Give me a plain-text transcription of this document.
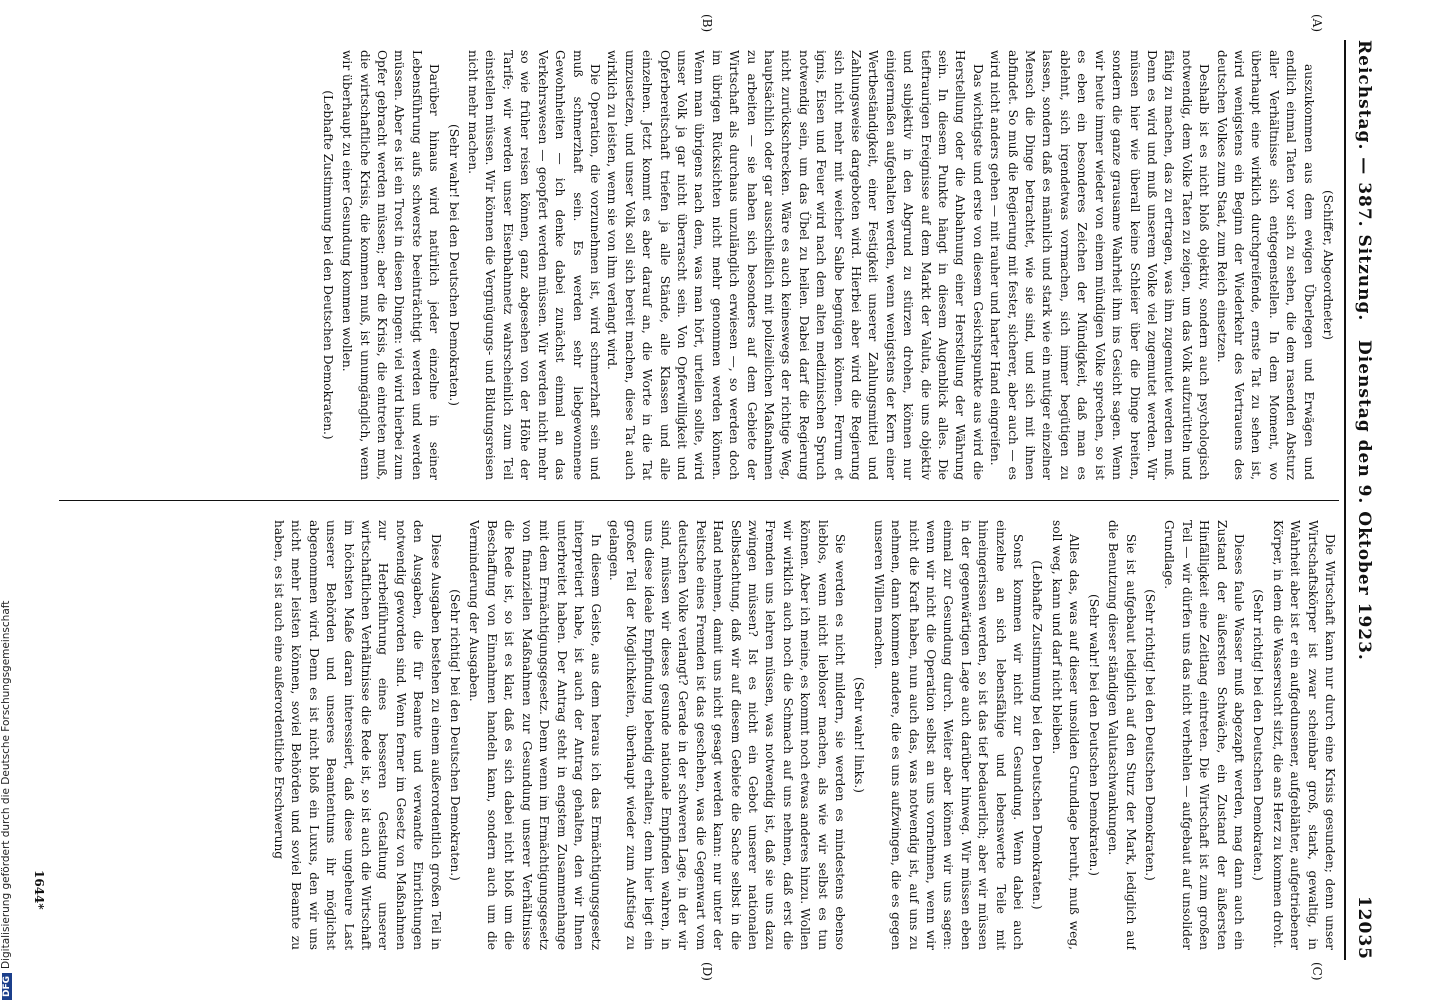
Reichstag. — 387. Sitzung.
Dienstag den 9. Oktober 1923.
12035
(A)
(B)
(C)
(D)

(Schiffer, Abgeordneter)

auszukommen aus dem ewigen Überlegen und Erwägen und endlich einmal Taten vor sich zu sehen, die dem rasenden Absturz aller Verhältnisse sich entgegenstellen. In dem Moment, wo überhaupt eine wirklich durchgreifende, ernste Tat zu sehen ist, wird wenigstens ein Beginn der Wiederkehr des Vertrauens des deutschen Volkes zum Staat, zum Reich einsetzen.

Deshalb ist es nicht bloß objektiv, sondern auch psychologisch notwendig, dem Volke Taten zu zeigen, um das Volk aufzurütteln und fähig zu machen, das zu ertragen, was ihm zugemutet werden muß. Denn es wird und muß unserem Volke viel zugemutet werden. Wir müssen hier wie überall keine Schleier über die Dinge breiten, sondern die ganze grausame Wahrheit ihm ins Gesicht sagen. Wenn wir heute immer wieder von einem mündigen Volke sprechen, so ist es eben ein besonderes Zeichen der Mündigkeit, daß man es ablehnt, sich irgendetwas vormachen, sich immer begütigen zu lassen, sondern daß es männlich und stark wie ein mutiger einzelner Mensch die Dinge betrachtet, wie sie sind, und sich mit ihnen abfindet. So muß die Regierung mit fester, sicherer, aber auch — es wird nicht anders gehen — mit rauher und harter Hand eingreifen.

Das wichtigste und erste von diesem Gesichtspunkte aus wird die Herstellung oder die Anbahnung einer Herstellung der Währung sein. In diesem Punkte hängt in diesem Augenblick alles. Die tieftraurigen Ereignisse auf dem Markt der Valuta, die uns objektiv und subjektiv in den Abgrund zu stürzen drohen, können nur einigermaßen aufgehalten werden, wenn wenigstens der Kern einer Wertbeständigkeit, einer Festigkeit unserer Zahlungsmittel und Zahlungsweise dargeboten wird. Hierbei aber wird die Regierung sich nicht mehr mit weicher Salbe begnügen können. Ferrum et ignis, Eisen und Feuer wird nach dem alten medizinischen Spruch notwendig sein, um das Übel zu heilen. Dabei darf die Regierung nicht zurückschrecken. Wäre es auch keineswegs der richtige Weg, hauptsächlich oder gar ausschließlich mit polizeilichen Maßnahmen zu arbeiten — sie haben sich besonders auf dem Gebiete der Wirtschaft als durchaus unzulänglich erwiesen —, so werden doch im übrigen Rücksichten nicht mehr genommen werden können. Wenn man übrigens nach dem, was man hört, urteilen sollte, wird unser Volk ja gar nicht überrascht sein. Von Opferwilligkeit und Opferbereitschaft triefen ja alle Stände, alle Klassen und alle einzelnen. Jetzt kommt es aber darauf an, die Worte in die Tat umzusetzen, und unser Volk soll sich bereit machen, diese Tat auch wirklich zu leisten, wenn sie von ihm verlangt wird.

Die Operation, die vorzunehmen ist, wird schmerzhaft sein und muß schmerzhaft sein. Es werden sehr liebgewonnene Gewohnheiten — ich denke dabei zunächst einmal an das Verkehrswesen — geopfert werden müssen. Wir werden nicht mehr so wie früher reisen können, ganz abgesehen von der Höhe der Tarife; wir werden unser Eisenbahnnetz wahrscheinlich zum Teil einstellen müssen. Wir können die Vergnügungs- und Bildungsreisen nicht mehr machen.

(Sehr wahr! bei den Deutschen Demokraten.)

Darüber hinaus wird natürlich jeder einzelne in seiner Lebensführung aufs schwerste beeinträchtigt werden und werden müssen. Aber es ist ein Trost in diesen Dingen: viel wird hierbei zum Opfer gebracht werden müssen; aber die Krisis, die eintreten muß, die wirtschaftliche Krisis, die kommen muß, ist unumgänglich, wenn wir überhaupt zu einer Gesundung kommen wollen.

(Lebhafte Zustimmung bei den Deutschen Demokraten.)

Die Wirtschaft kann nur durch eine Krisis gesunden; denn unser Wirtschaftskörper ist zwar scheinbar groß, stark, gewaltig, in Wahrheit aber ist er ein aufgedunsener, aufgeblähter, aufgetriebener Körper, in dem die Wassersucht sitzt, die ans Herz zu kommen droht.

(Sehr richtig! bei den Deutschen Demokraten.)

Dieses faule Wasser muß abgezapft werden, mag dann auch ein Zustand der äußersten Schwäche, ein Zustand der äußersten Hinfälligkeit eine Zeitlang eintreten. Die Wirtschaft ist zum großen Teil — wir dürfen uns das nicht verhehlen — aufgebaut auf unsolider Grundlage.

(Sehr richtig! bei den Deutschen Demokraten.)

Sie ist aufgebaut lediglich auf den Sturz der Mark, lediglich auf die Benutzung dieser ständigen Valutaschwankungen.

(Sehr wahr! bei den Deutschen Demokraten.)

Alles das, was auf dieser unsoliden Grundlage beruht, muß weg, soll weg, kann und darf nicht bleiben.

(Lebhafte Zustimmung bei den Deutschen Demokraten.)

Sonst kommen wir nicht zur Gesundung. Wenn dabei auch einzelne an sich lebensfähige und lebenswerte Teile mit hineingerissen werden, so ist das tief bedauerlich; aber wir müssen in der gegenwärtigen Lage auch darüber hinweg. Wir müssen eben einmal zur Gesundung durch. Weiter aber können wir uns sagen: wenn wir nicht die Operation selbst an uns vornehmen, wenn wir nicht die Kraft haben, nun auch das, was notwendig ist, auf uns zu nehmen, dann kommen andere, die es uns aufzwingen, die es gegen unseren Willen machen.

(Sehr wahr! links.)

Sie werden es nicht mildern, sie werden es mindestens ebenso lieblos, wenn nicht liebloser machen, als wie wir selbst es tun können. Aber ich meine, es kommt noch etwas anderes hinzu. Wollen wir wirklich auch noch die Schmach auf uns nehmen, daß erst die Fremden uns lehren müssen, was notwendig ist, daß sie uns dazu zwingen müssen? Ist es nicht ein Gebot unserer nationalen Selbstachtung, daß wir auf diesem Gebiete die Sache selbst in die Hand nehmen, damit uns nicht gesagt werden kann: nur unter der Peitsche eines Fremden ist das geschehen, was die Gegenwart vom deutschen Volke verlangt? Gerade in der schweren Lage, in der wir sind, müssen wir dieses gesunde nationale Empfinden wahren, in uns diese ideale Empfindung lebendig erhalten; denn hier liegt ein großer Teil der Möglichkeiten, überhaupt wieder zum Aufstieg zu gelangen.

In diesem Geiste, aus dem heraus ich das Ermächtigungsgesetz interpretiert habe, ist auch der Antrag gehalten, den wir Ihnen unterbreitet haben. Der Antrag steht in engstem Zusammenhange mit dem Ermächtigungsgesetz. Denn wenn im Ermächtigungsgesetz von finanziellen Maßnahmen zur Gesundung unserer Verhältnisse die Rede ist, so ist es klar, daß es sich dabei nicht bloß um die Beschaffung von Einnahmen handeln kann, sondern auch um die Verminderung der Ausgaben.

(Sehr richtig! bei den Deutschen Demokraten.)

Diese Ausgaben bestehen zu einem außerordentlich großen Teil in den Ausgaben, die für Beamte und verwandte Einrichtungen notwendig geworden sind. Wenn ferner im Gesetz von Maßnahmen zur Herbeiführung eines besseren Gestaltung unserer wirtschaftlichen Verhältnisse die Rede ist, so ist auch die Wirtschaft im höchsten Maße daran interessiert, daß diese ungeheure Last unserer Behörden und unseres Beamtentums ihr möglichst abgenommen wird. Denn es ist nicht bloß ein Luxus, den wir uns nicht mehr leisten können, soviel Behörden und soviel Beamte zu haben, es ist auch eine außerordentliche Erschwerung

1644*
DFGDigitalisierung gefördert durch die Deutsche Forschungsgemeinschaft
